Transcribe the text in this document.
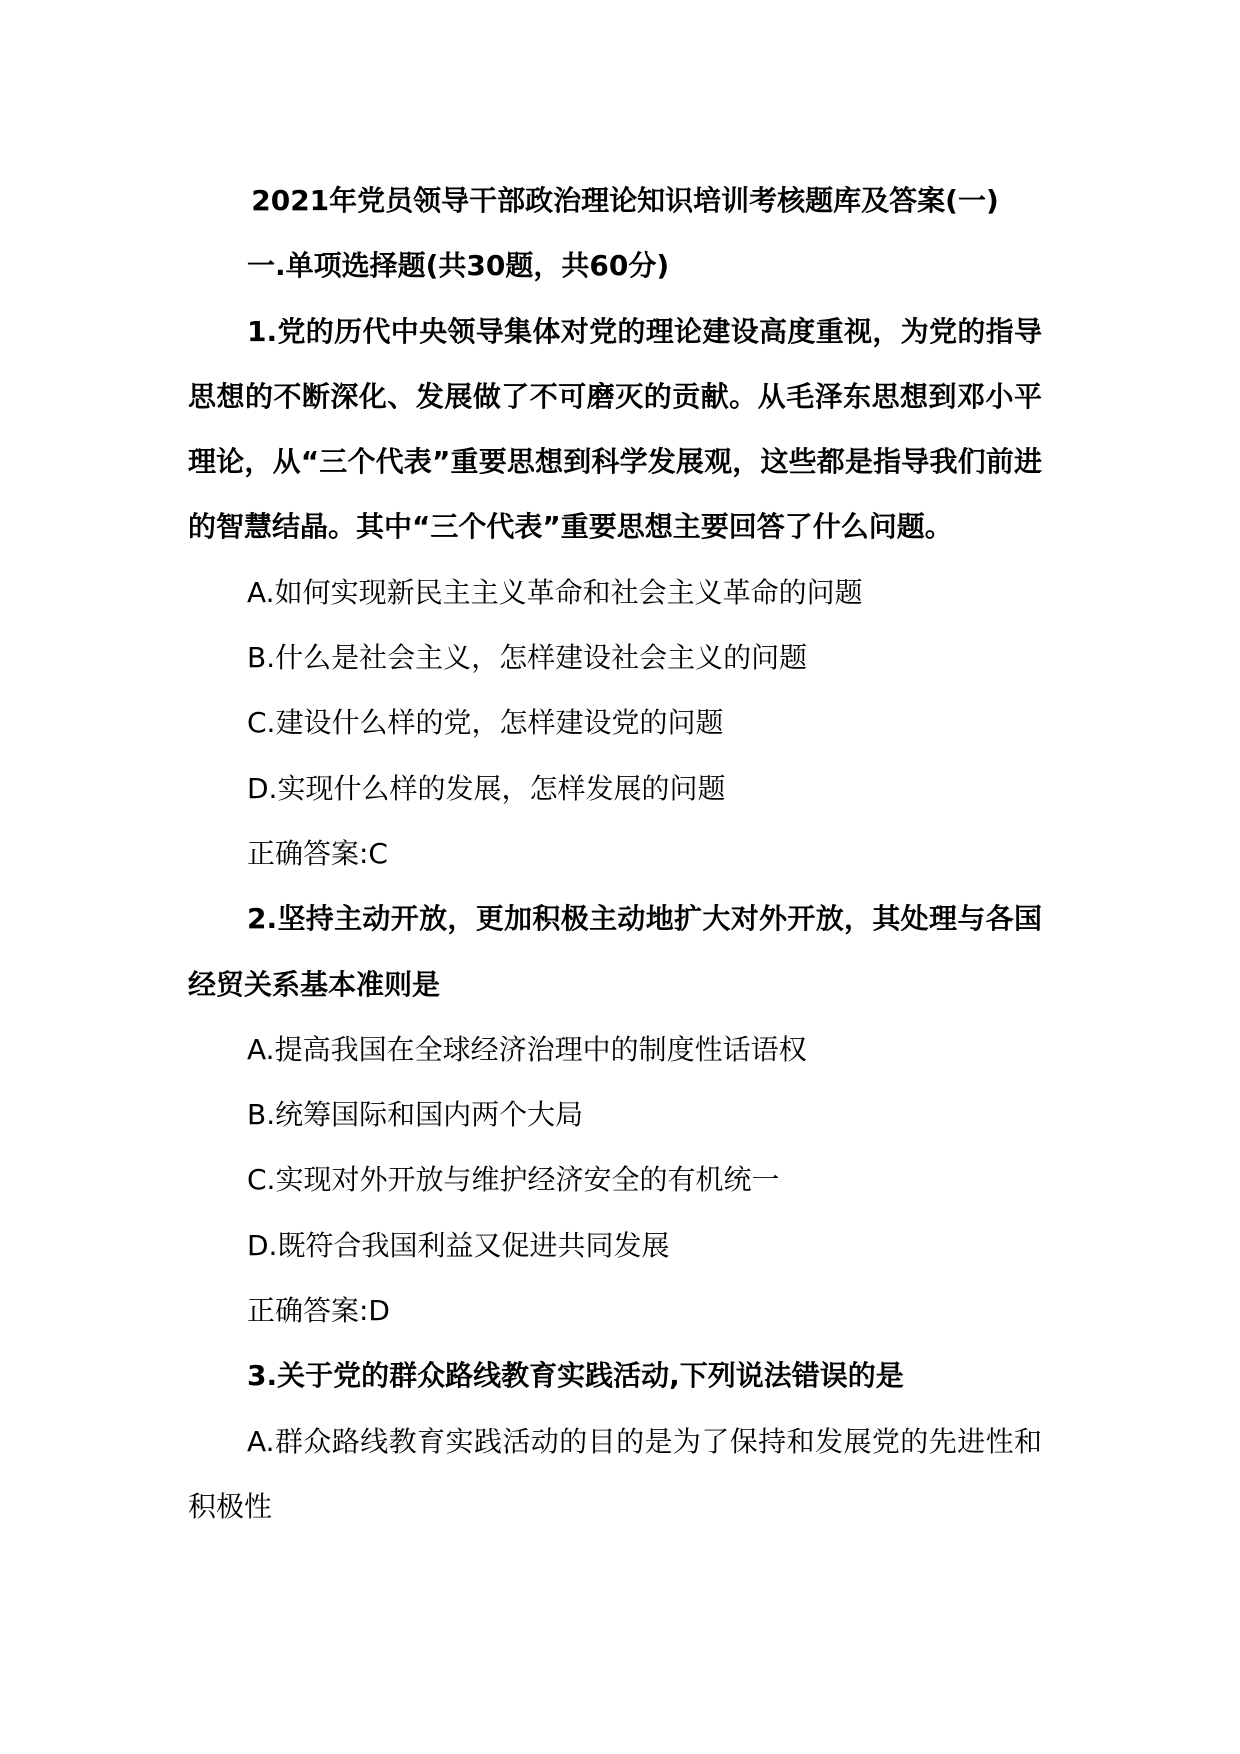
2021年党员领导干部政治理论知识培训考核题库及答案(一)

一.单项选择题(共30题，共60分)

1.党的历代中央领导集体对党的理论建设高度重视，为党的指导思想的不断深化、发展做了不可磨灭的贡献。从毛泽东思想到邓小平理论，从“三个代表”重要思想到科学发展观，这些都是指导我们前进的智慧结晶。其中“三个代表”重要思想主要回答了什么问题。

A.如何实现新民主主义革命和社会主义革命的问题

B.什么是社会主义，怎样建设社会主义的问题

C.建设什么样的党，怎样建设党的问题

D.实现什么样的发展，怎样发展的问题

正确答案:C

2.坚持主动开放，更加积极主动地扩大对外开放，其处理与各国经贸关系基本准则是

A.提高我国在全球经济治理中的制度性话语权

B.统筹国际和国内两个大局

C.实现对外开放与维护经济安全的有机统一

D.既符合我国利益又促进共同发展

正确答案:D

3.关于党的群众路线教育实践活动,下列说法错误的是

A.群众路线教育实践活动的目的是为了保持和发展党的先进性和积极性
